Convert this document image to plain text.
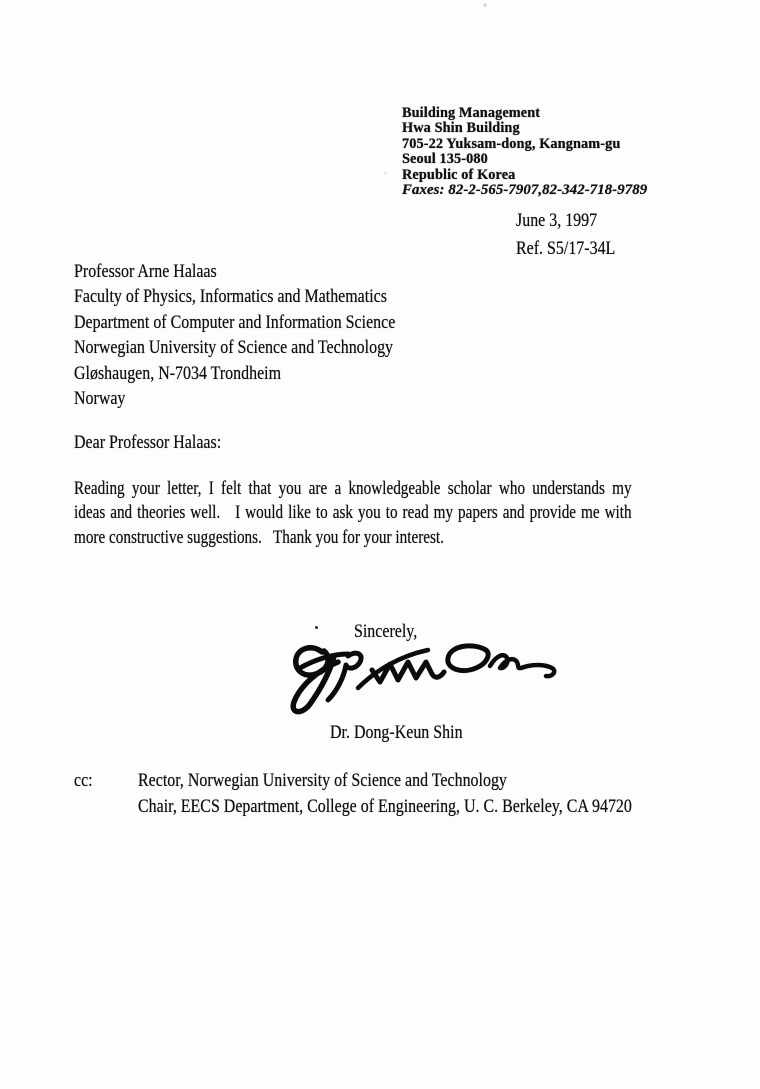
Building Management
Hwa Shin Building
705-22 Yuksam-dong, Kangnam-gu
Seoul 135-080
Republic of Korea
Faxes: 82-2-565-7907,82-342-718-9789
June 3, 1997
Ref. S5/17-34L
Professor Arne Halaas
Faculty of Physics, Informatics and Mathematics
Department of Computer and Information Science
Norwegian University of Science and Technology
Gløshaugen, N-7034 Trondheim
Norway
Dear Professor Halaas:
Reading your letter, I felt that you are a knowledgeable scholar who understands my
ideas and theories well.   I would like to ask you to read my papers and provide me with
more constructive suggestions.   Thank you for your interest.
Sincerely,
Dr. Dong-Keun Shin
cc: Rector, Norwegian University of Science and Technology
Chair, EECS Department, College of Engineering, U. C. Berkeley, CA 94720
